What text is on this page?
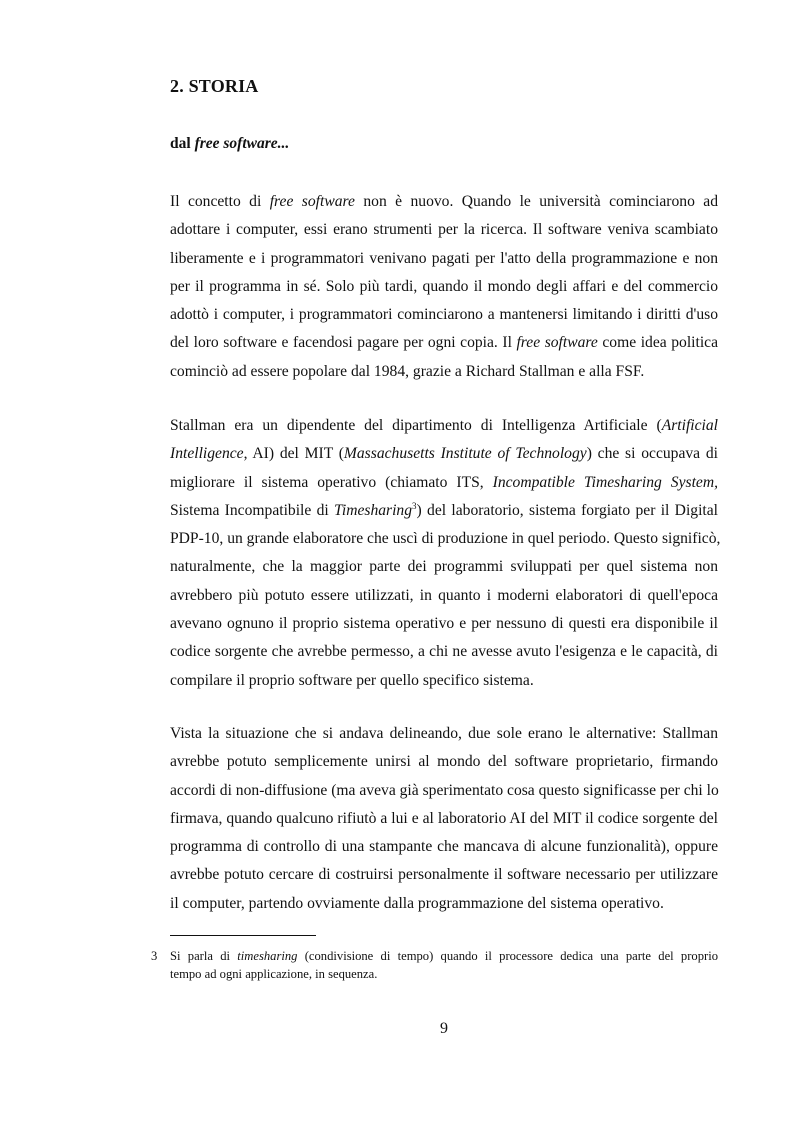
2. STORIA
dal free software...
Il concetto di free software non è nuovo. Quando le università cominciarono ad
adottare i computer, essi erano strumenti per la ricerca. Il software veniva scambiato
liberamente e i programmatori venivano pagati per l'atto della programmazione e non
per il programma in sé. Solo più tardi, quando il mondo degli affari e del commercio
adottò i computer, i programmatori cominciarono a mantenersi limitando i diritti d'uso
del loro software e facendosi pagare per ogni copia. Il free software come idea politica
cominciò ad essere popolare dal 1984, grazie a Richard Stallman e alla FSF.
Stallman era un dipendente del dipartimento di Intelligenza Artificiale (Artificial
Intelligence, AI) del MIT (Massachusetts Institute of Technology) che si occupava di
migliorare il sistema operativo (chiamato ITS, Incompatible Timesharing System,
Sistema Incompatibile di Timesharing$^3$) del laboratorio, sistema forgiato per il Digital
PDP-10, un grande elaboratore che uscì di produzione in quel periodo. Questo significò,
naturalmente, che la maggior parte dei programmi sviluppati per quel sistema non
avrebbero più potuto essere utilizzati, in quanto i moderni elaboratori di quell'epoca
avevano ognuno il proprio sistema operativo e per nessuno di questi era disponibile il
codice sorgente che avrebbe permesso, a chi ne avesse avuto l'esigenza e le capacità, di
compilare il proprio software per quello specifico sistema.
Vista la situazione che si andava delineando, due sole erano le alternative: Stallman
avrebbe potuto semplicemente unirsi al mondo del software proprietario, firmando
accordi di non-diffusione (ma aveva già sperimentato cosa questo significasse per chi lo
firmava, quando qualcuno rifiutò a lui e al laboratorio AI del MIT il codice sorgente del
programma di controllo di una stampante che mancava di alcune funzionalità), oppure
avrebbe potuto cercare di costruirsi personalmente il software necessario per utilizzare
il computer, partendo ovviamente dalla programmazione del sistema operativo.
3 Si parla di timesharing (condivisione di tempo) quando il processore dedica una parte del proprio
tempo ad ogni applicazione, in sequenza.
9
